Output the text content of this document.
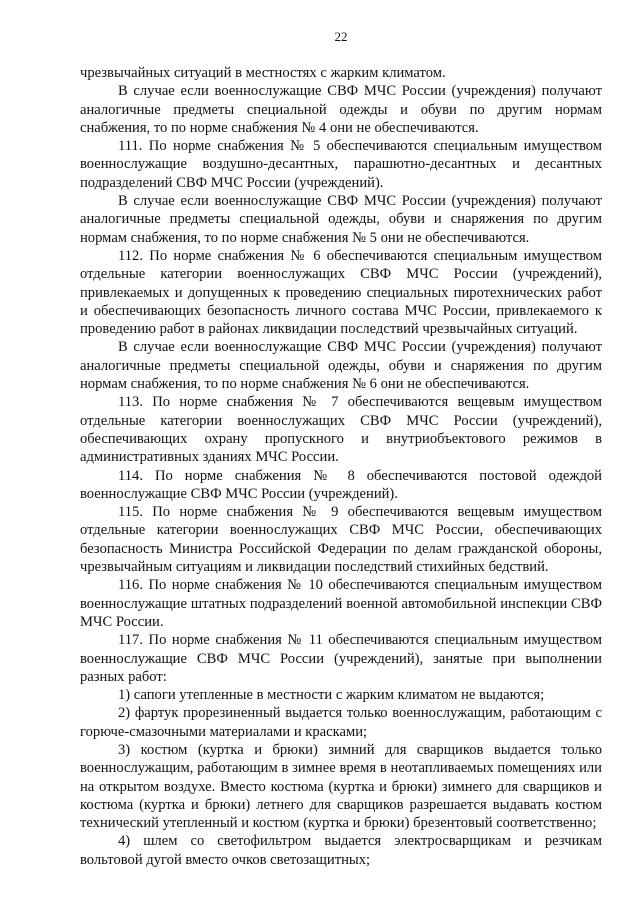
22

чрезвычайных ситуаций в местностях с жарким климатом.

В случае если военнослужащие СВФ МЧС России (учреждения) получают аналогичные предметы специальной одежды и обуви по другим нормам снабжения, то по норме снабжения № 4 они не обеспечиваются.

111. По норме снабжения № 5 обеспечиваются специальным имуществом военнослужащие воздушно-десантных, парашютно-десантных и десантных подразделений СВФ МЧС России (учреждений).

В случае если военнослужащие СВФ МЧС России (учреждения) получают аналогичные предметы специальной одежды, обуви и снаряжения по другим нормам снабжения, то по норме снабжения № 5 они не обеспечиваются.

112. По норме снабжения № 6 обеспечиваются специальным имуществом отдельные категории военнослужащих СВФ МЧС России (учреждений), привлекаемых и допущенных к проведению специальных пиротехнических работ и обеспечивающих безопасность личного состава МЧС России, привлекаемого к проведению работ в районах ликвидации последствий чрезвычайных ситуаций.

В случае если военнослужащие СВФ МЧС России (учреждения) получают аналогичные предметы специальной одежды, обуви и снаряжения по другим нормам снабжения, то по норме снабжения № 6 они не обеспечиваются.

113. По норме снабжения № 7 обеспечиваются вещевым имуществом отдельные категории военнослужащих СВФ МЧС России (учреждений), обеспечивающих охрану пропускного и внутриобъектового режимов в административных зданиях МЧС России.

114. По норме снабжения № 8 обеспечиваются постовой одеждой военнослужащие СВФ МЧС России (учреждений).

115. По норме снабжения № 9 обеспечиваются вещевым имуществом отдельные категории военнослужащих СВФ МЧС России, обеспечивающих безопасность Министра Российской Федерации по делам гражданской обороны, чрезвычайным ситуациям и ликвидации последствий стихийных бедствий.

116. По норме снабжения № 10 обеспечиваются специальным имуществом военнослужащие штатных подразделений военной автомобильной инспекции СВФ МЧС России.

117. По норме снабжения № 11 обеспечиваются специальным имуществом военнослужащие СВФ МЧС России (учреждений), занятые при выполнении разных работ:

1) сапоги утепленные в местности с жарким климатом не выдаются;

2) фартук прорезиненный выдается только военнослужащим, работающим с горюче-смазочными материалами и красками;

3) костюм (куртка и брюки) зимний для сварщиков выдается только военнослужащим, работающим в зимнее время в неотапливаемых помещениях или на открытом воздухе. Вместо костюма (куртка и брюки) зимнего для сварщиков и костюма (куртка и брюки) летнего для сварщиков разрешается выдавать костюм технический утепленный и костюм (куртка и брюки) брезентовый соответственно;

4) шлем со светофильтром выдается электросварщикам и резчикам вольтовой дугой вместо очков светозащитных;
